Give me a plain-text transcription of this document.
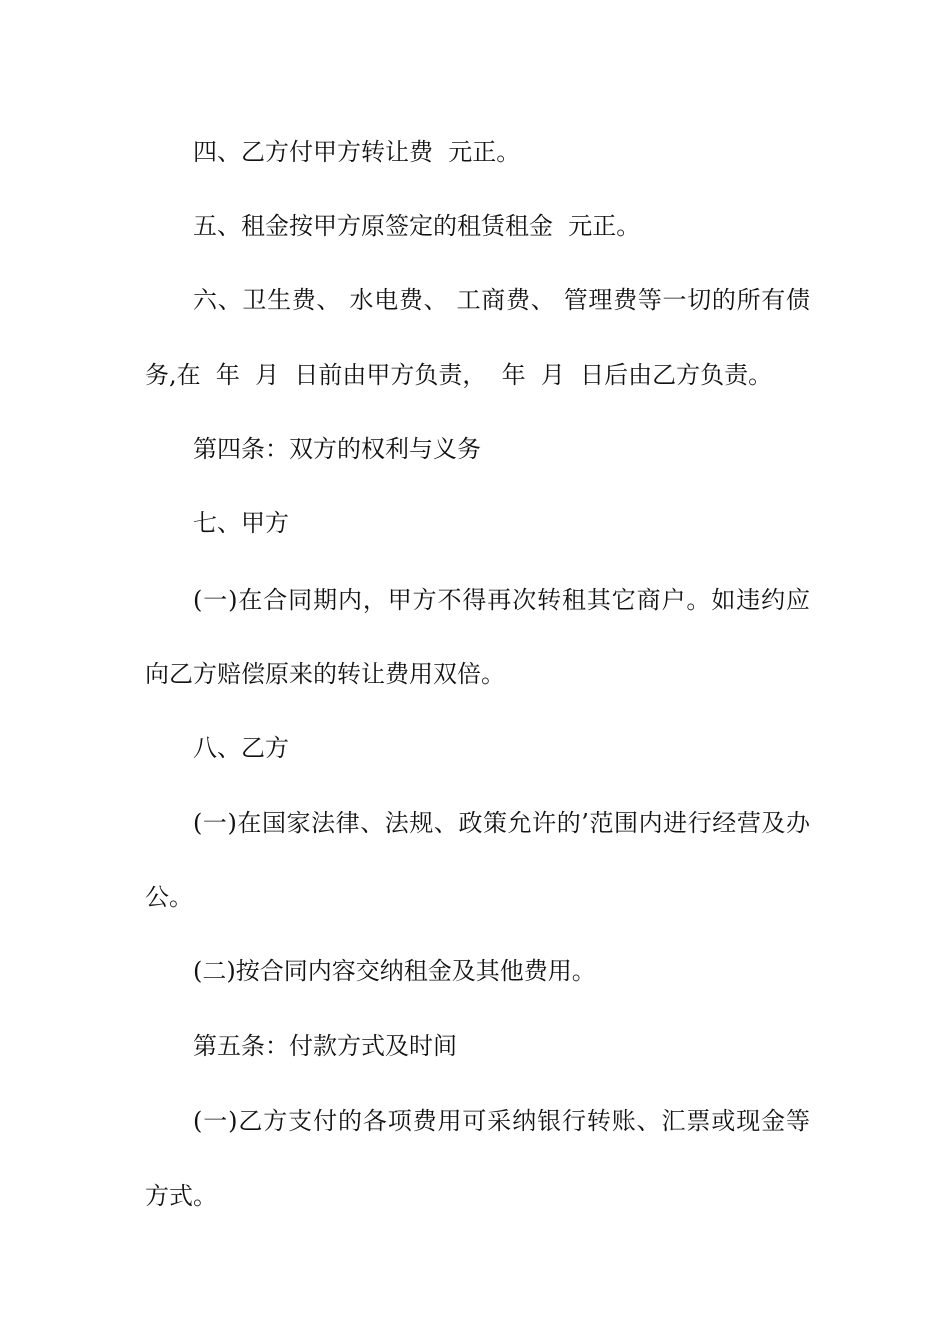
四、乙方付甲方转让费  元正。
五、租金按甲方原签定的租赁租金  元正。
六、卫生费、 水电费、 工商费、 管理费等一切的所有债
务,在  年  月  日前由甲方负责，  年  月  日后由乙方负责。
第四条：双方的权利与义务
七、甲方
(一)在合同期内，甲方不得再次转租其它商户。如违约应
向乙方赔偿原来的转让费用双倍。
八、乙方
(一)在国家法律、法规、政策允许的’范围内进行经营及办
公。
(二)按合同内容交纳租金及其他费用。
第五条：付款方式及时间
(一)乙方支付的各项费用可采纳银行转账、汇票或现金等
方式。
